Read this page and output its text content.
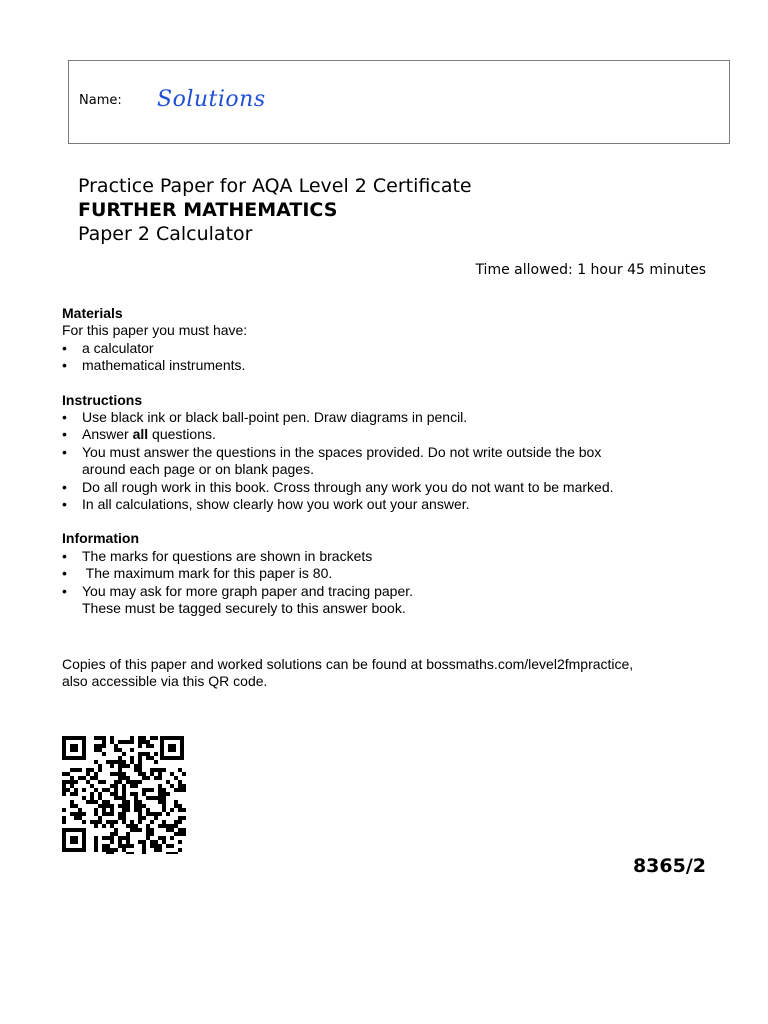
Name: Solutions
Practice Paper for AQA Level 2 Certificate
FURTHER MATHEMATICS
Paper 2 Calculator
Time allowed: 1 hour 45 minutes
Materials
For this paper you must have:
• a calculator
• mathematical instruments.
Instructions
• Use black ink or black ball-point pen. Draw diagrams in pencil.
• Answer all questions.
• You must answer the questions in the spaces provided. Do not write outside the box
around each page or on blank pages.
• Do all rough work in this book. Cross through any work you do not want to be marked.
• In all calculations, show clearly how you work out your answer.
Information
• The marks for questions are shown in brackets
•  The maximum mark for this paper is 80.
• You may ask for more graph paper and tracing paper.
These must be tagged securely to this answer book.
Copies of this paper and worked solutions can be found at bossmaths.com/level2fmpractice,
also accessible via this QR code.
8365/2
